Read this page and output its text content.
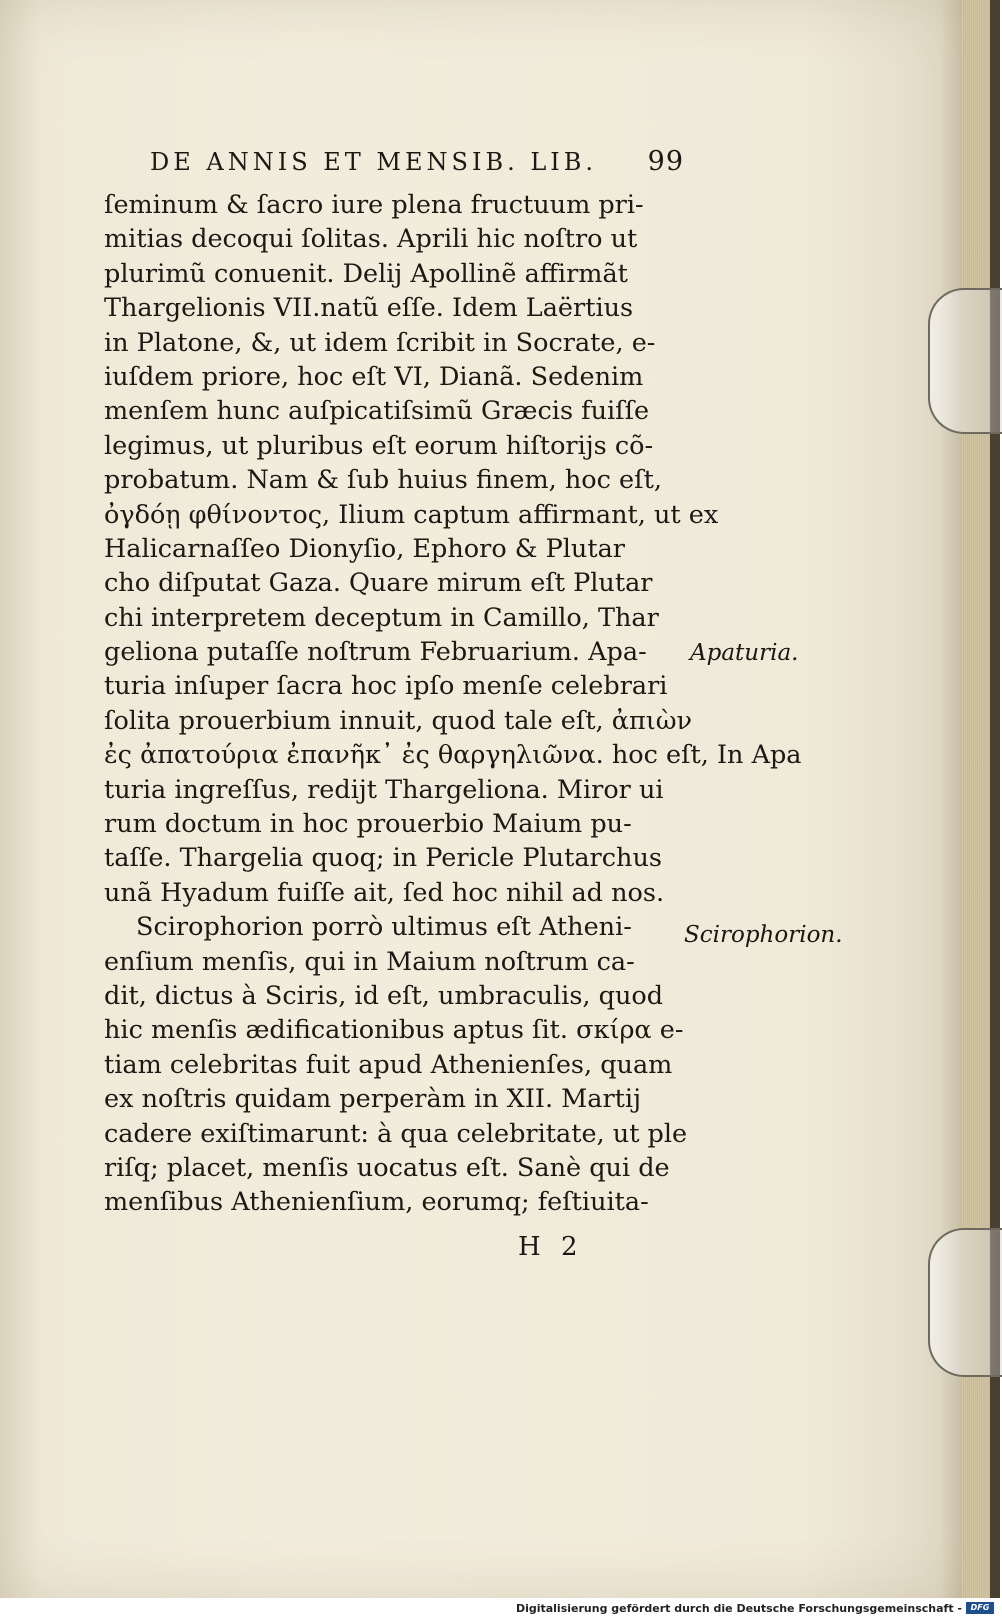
DE ANNIS ET MENSIB. LIB. 99
ſeminum & ſacro iure plena fructuum pri-
mitias decoqui ſolitas. Aprili hic noſtro ut
plurimũ conuenit. Delij Apollinẽ affirmãt
Thargelionis VII.natũ eſſe. Idem Laërtius
in Platone, &, ut idem ſcribit in Socrate, e-
iuſdem priore, hoc eſt VI, Dianã. Sedenim
menſem hunc auſpicatiſsimũ Græcis fuiſſe
legimus, ut pluribus eſt eorum hiſtorijs cõ-
probatum. Nam & ſub huius finem, hoc eſt,
ὀγδόῃ φθίνοντος, Ilium captum affirmant, ut ex
Halicarnaſſeo Dionyſio, Ephoro & Plutar
cho diſputat Gaza. Quare mirum eſt Plutar
chi interpretem deceptum in Camillo, Thar
geliona putaſſe noſtrum Februarium. Apa-
turia inſuper ſacra hoc ipſo menſe celebrari
ſolita prouerbium innuit, quod tale eſt, ἀπιὼν
ἐς ἀπατούρια ἐπανῆκ᾽ ἐς θαργηλιῶνα. hoc eſt, In Apa
turia ingreſſus, redijt Thargeliona. Miror ui
rum doctum in hoc prouerbio Maium pu-
taſſe. Thargelia quoq; in Pericle Plutarchus
unã Hyadum fuiſſe ait, ſed hoc nihil ad nos.
Scirophorion porrò ultimus eſt Atheni-
enſium menſis, qui in Maium noſtrum ca-
dit, dictus à Sciris, id eſt, umbraculis, quod
hic menſis ædificationibus aptus ſit. σκίρα e-
tiam celebritas fuit apud Athenienſes, quam
ex noſtris quidam perperàm in XII. Martij
cadere exiſtimarunt: à qua celebritate, ut ple
riſq; placet, menſis uocatus eſt. Sanè qui de
menſibus Athenienſium, eorumq; feſtiuita-
Apaturia.
Scirophorion.
H 2
Digitalisierung gefördert durch die Deutsche Forschungsgemeinschaft -	DFG
